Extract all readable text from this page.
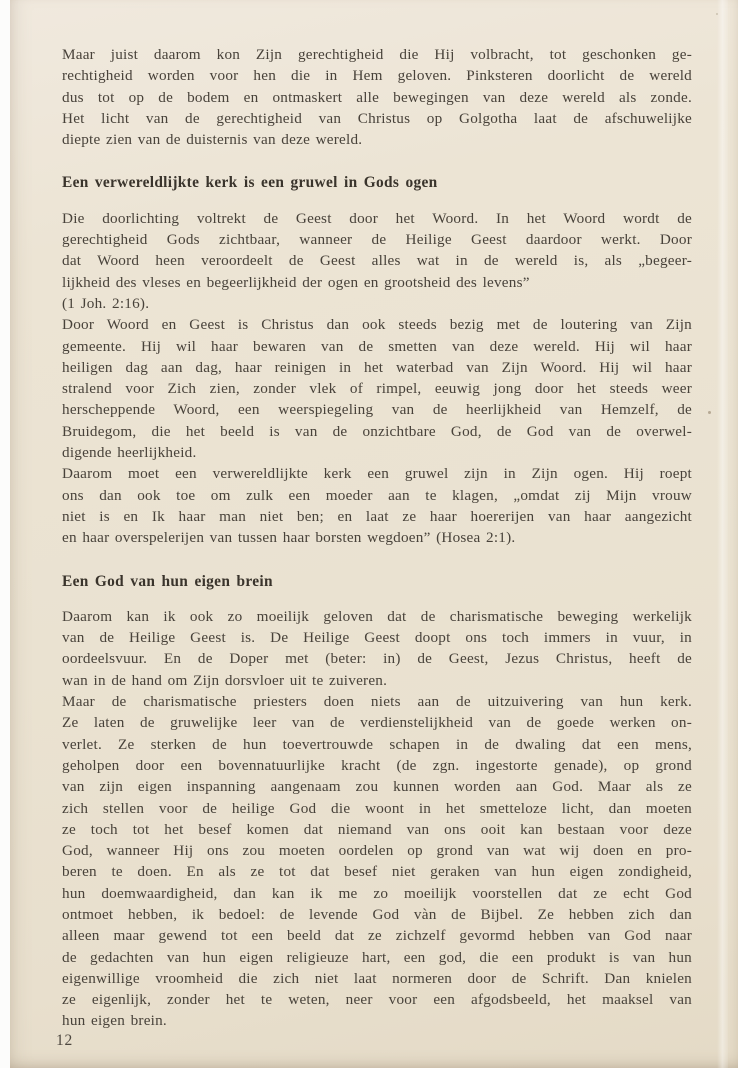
Maar juist daarom kon Zijn gerechtigheid die Hij volbracht, tot geschonken ge-
rechtigheid worden voor hen die in Hem geloven. Pinksteren doorlicht de wereld
dus tot op de bodem en ontmaskert alle bewegingen van deze wereld als zonde.
Het licht van de gerechtigheid van Christus op Golgotha laat de afschuwelijke
diepte zien van de duisternis van deze wereld.
Een verwereldlijkte kerk is een gruwel in Gods ogen
Die doorlichting voltrekt de Geest door het Woord. In het Woord wordt de
gerechtigheid Gods zichtbaar, wanneer de Heilige Geest daardoor werkt. Door
dat Woord heen veroordeelt de Geest alles wat in de wereld is, als „begeer-
lijkheid des vleses en begeerlijkheid der ogen en grootsheid des levens”
(1 Joh. 2:16).
Door Woord en Geest is Christus dan ook steeds bezig met de loutering van Zijn
gemeente. Hij wil haar bewaren van de smetten van deze wereld. Hij wil haar
heiligen dag aan dag, haar reinigen in het waterbad van Zijn Woord. Hij wil haar
stralend voor Zich zien, zonder vlek of rimpel, eeuwig jong door het steeds weer
herscheppende Woord, een weerspiegeling van de heerlijkheid van Hemzelf, de
Bruidegom, die het beeld is van de onzichtbare God, de God van de overwel-
digende heerlijkheid.
Daarom moet een verwereldlijkte kerk een gruwel zijn in Zijn ogen. Hij roept
ons dan ook toe om zulk een moeder aan te klagen, „omdat zij Mijn vrouw
niet is en Ik haar man niet ben; en laat ze haar hoererijen van haar aangezicht
en haar overspelerijen van tussen haar borsten wegdoen” (Hosea 2:1).
Een God van hun eigen brein
Daarom kan ik ook zo moeilijk geloven dat de charismatische beweging werkelijk
van de Heilige Geest is. De Heilige Geest doopt ons toch immers in vuur, in
oordeelsvuur. En de Doper met (beter: in) de Geest, Jezus Christus, heeft de
wan in de hand om Zijn dorsvloer uit te zuiveren.
Maar de charismatische priesters doen niets aan de uitzuivering van hun kerk.
Ze laten de gruwelijke leer van de verdienstelijkheid van de goede werken on-
verlet. Ze sterken de hun toevertrouwde schapen in de dwaling dat een mens,
geholpen door een bovennatuurlijke kracht (de zgn. ingestorte genade), op grond
van zijn eigen inspanning aangenaam zou kunnen worden aan God. Maar als ze
zich stellen voor de heilige God die woont in het smetteloze licht, dan moeten
ze toch tot het besef komen dat niemand van ons ooit kan bestaan voor deze
God, wanneer Hij ons zou moeten oordelen op grond van wat wij doen en pro-
beren te doen. En als ze tot dat besef niet geraken van hun eigen zondigheid,
hun doemwaardigheid, dan kan ik me zo moeilijk voorstellen dat ze echt God
ontmoet hebben, ik bedoel: de levende God vàn de Bijbel. Ze hebben zich dan
alleen maar gewend tot een beeld dat ze zichzelf gevormd hebben van God naar
de gedachten van hun eigen religieuze hart, een god, die een produkt is van hun
eigenwillige vroomheid die zich niet laat normeren door de Schrift. Dan knielen
ze eigenlijk, zonder het te weten, neer voor een afgodsbeeld, het maaksel van
hun eigen brein.
12
